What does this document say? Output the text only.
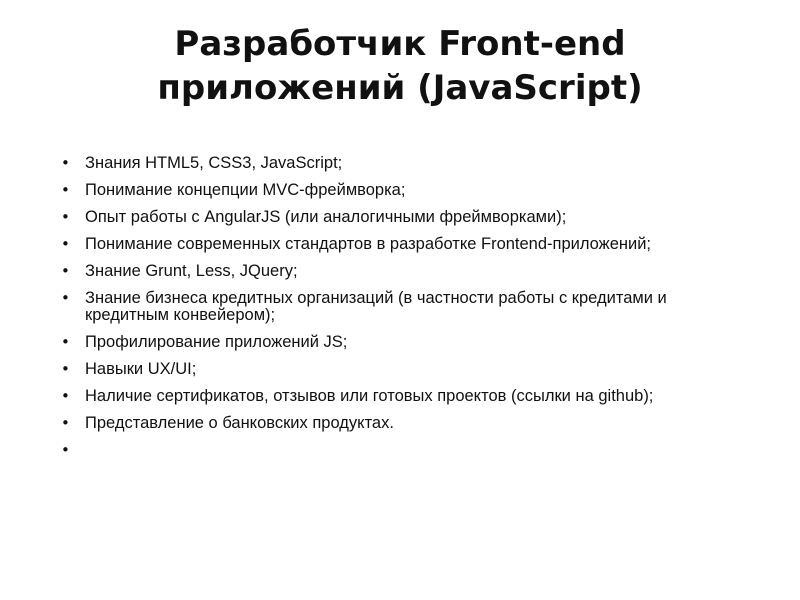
Разработчик Front-end
приложений (JavaScript)
• Знания HTML5, CSS3, JavaScript;
• Понимание концепции MVC-фреймворка;
• Опыт работы с AngularJS (или аналогичными фреймворками);
• Понимание современных стандартов в разработке Frontend-приложений;
• Знание Grunt, Less, JQuery;
• Знание бизнеса кредитных организаций (в частности работы с кредитами и кредитным конвейером);
• Профилирование приложений JS;
• Навыки UX/UI;
• Наличие сертификатов, отзывов или готовых проектов (ссылки на github);
• Представление о банковских продуктах.
•
